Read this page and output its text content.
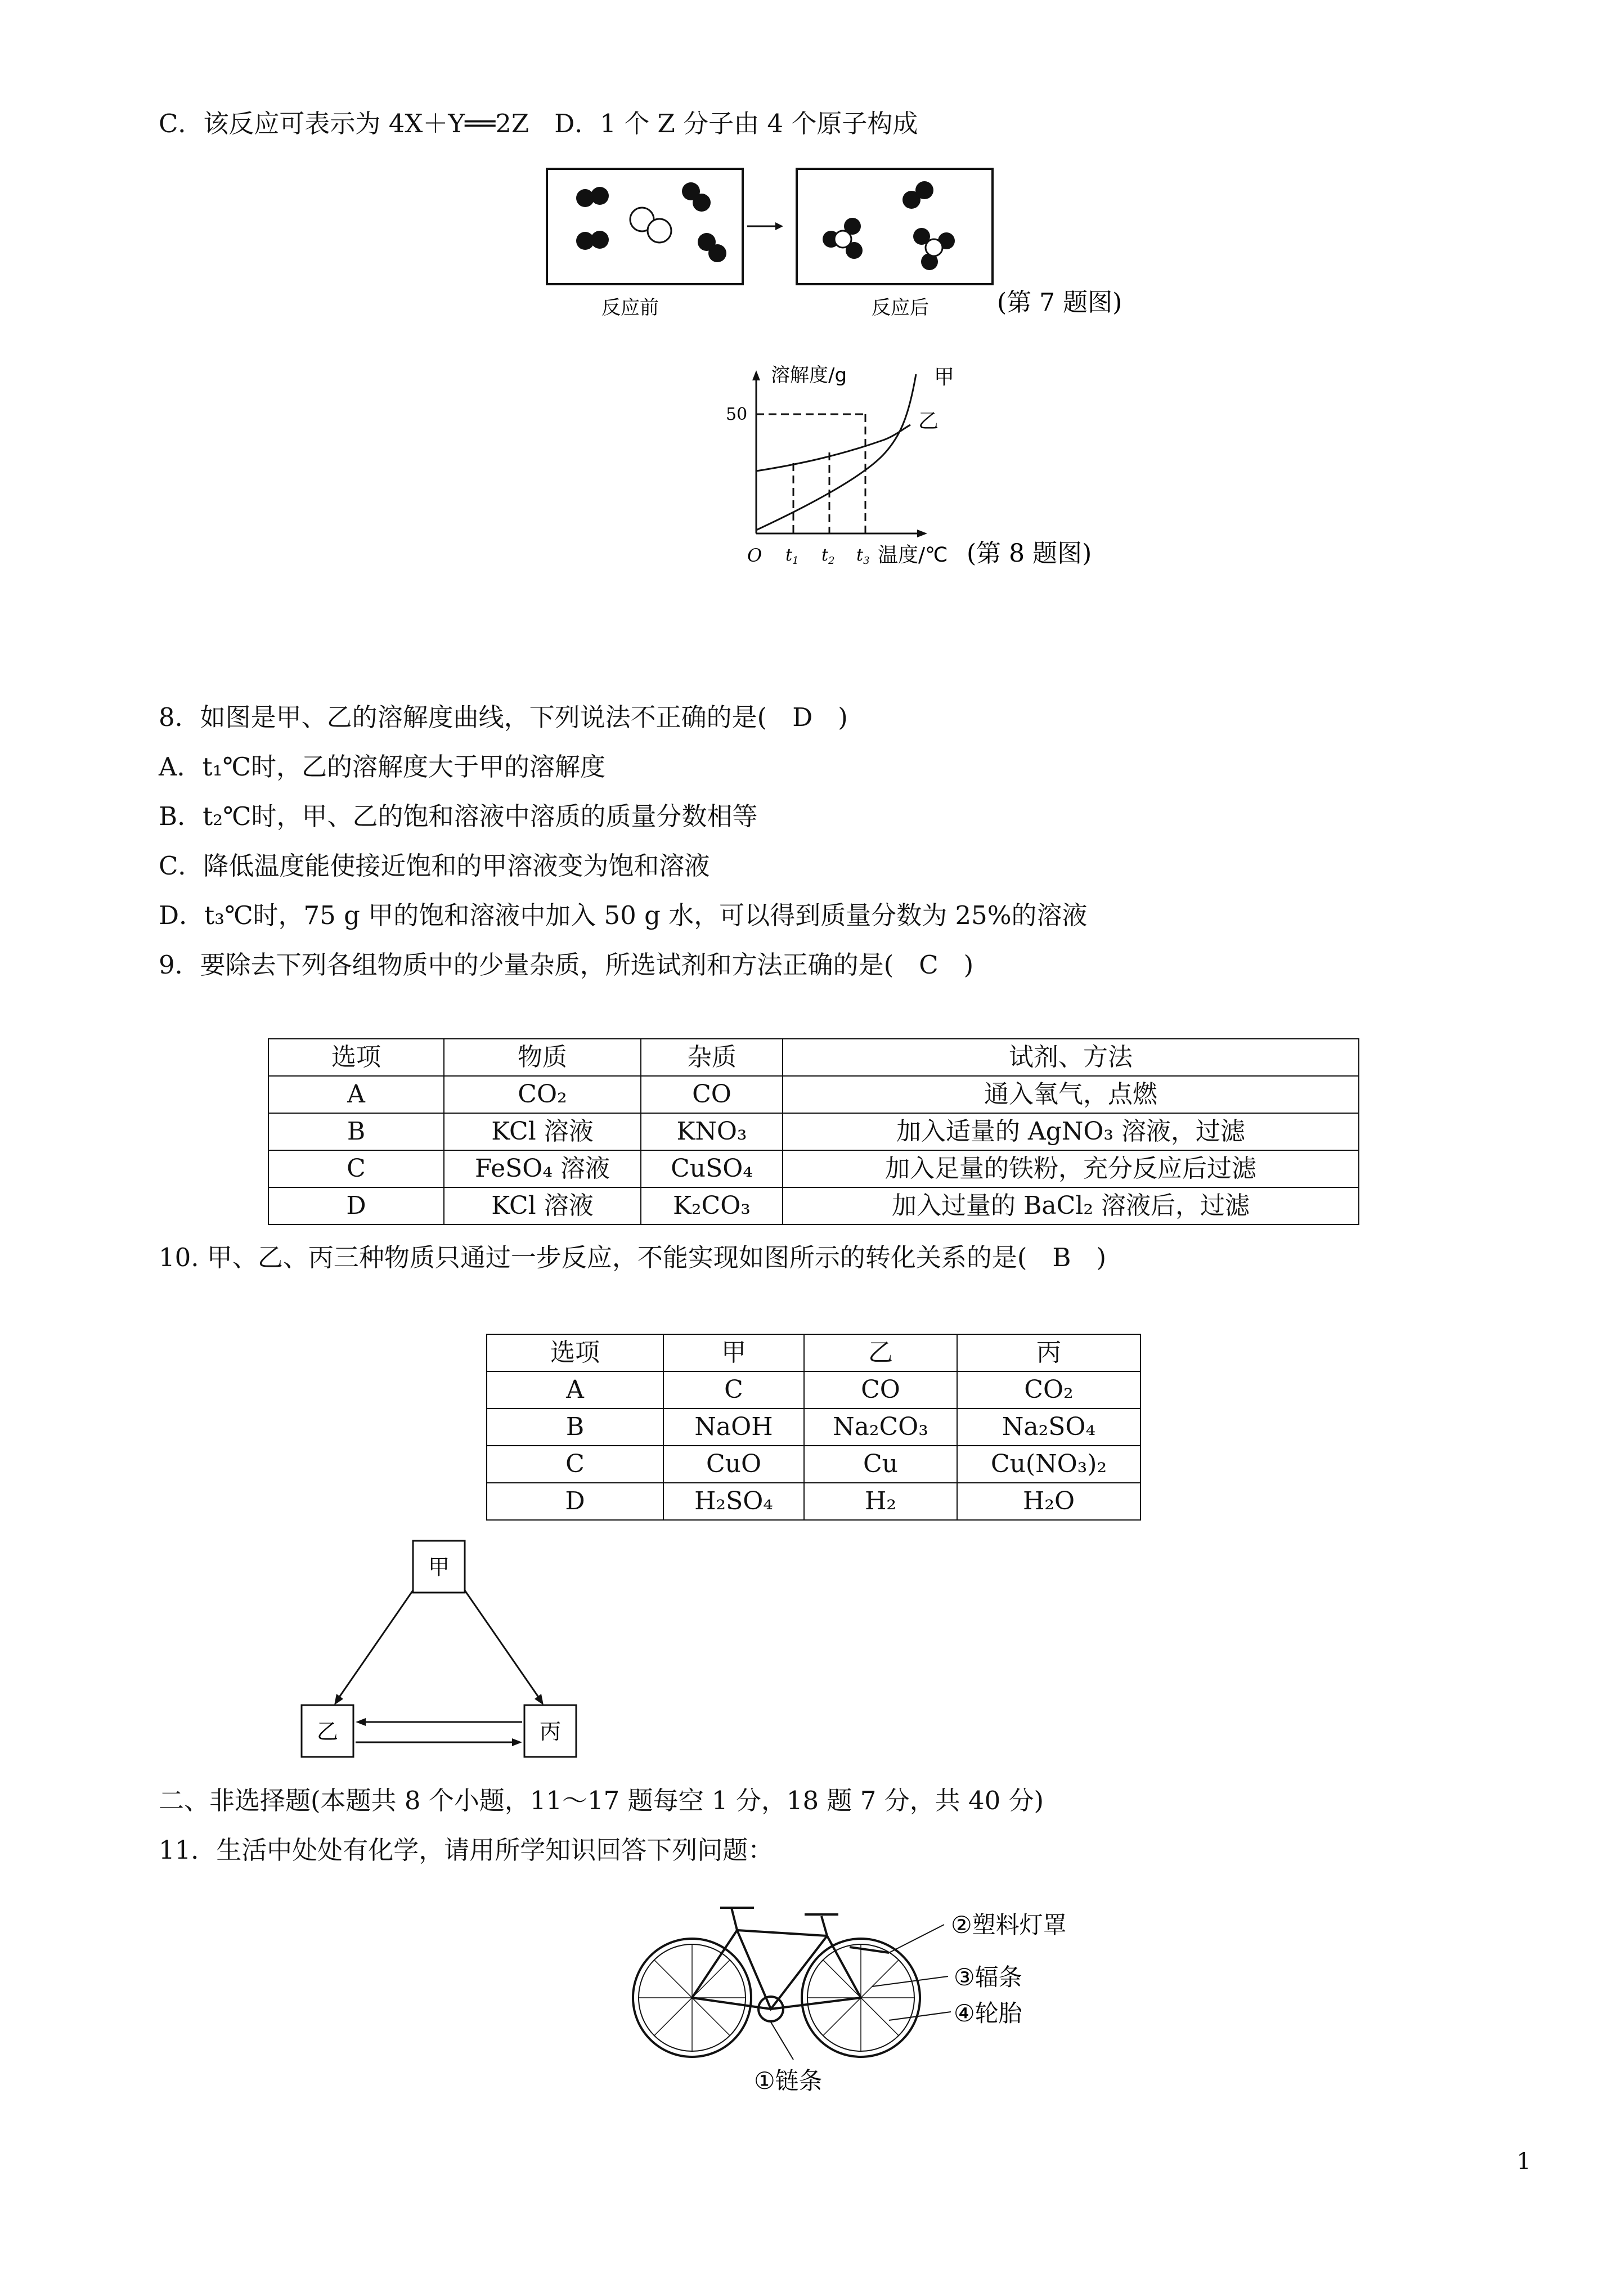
C．该反应可表示为 4X＋Y══2Z　D．1 个 Z 分子由 4 个原子构成
反应前	反应后	(第 7 题图)
溶解度/g	甲
乙
50
O $t_1$ $t_2$ $t_3$ 温度/℃ (第 8 题图)
8．如图是甲、乙的溶解度曲线，下列说法不正确的是(　D　)
A．t₁℃时，乙的溶解度大于甲的溶解度
B．t₂℃时，甲、乙的饱和溶液中溶质的质量分数相等
C．降低温度能使接近饱和的甲溶液变为饱和溶液
D．t₃℃时，75 g 甲的饱和溶液中加入 50 g 水，可以得到质量分数为 25%的溶液
9．要除去下列各组物质中的少量杂质，所选试剂和方法正确的是(　C　)
选项	物质	杂质	试剂、方法
A	CO₂	CO	通入氧气，点燃
B	KCl 溶液	KNO₃	加入适量的 AgNO₃ 溶液，过滤
C	FeSO₄ 溶液	CuSO₄	加入足量的铁粉，充分反应后过滤
D	KCl 溶液	K₂CO₃	加入过量的 BaCl₂ 溶液后，过滤
10. 甲、乙、丙三种物质只通过一步反应，不能实现如图所示的转化关系的是(　B　)
选项	甲	乙	丙
A	C	CO	CO₂
B	NaOH	Na₂CO₃	Na₂SO₄
C	CuO	Cu	Cu(NO₃)₂
D	H₂SO₄	H₂	H₂O
甲
乙	丙
二、非选择题(本题共 8 个小题，11～17 题每空 1 分，18 题 7 分，共 40 分)
11．生活中处处有化学，请用所学知识回答下列问题：
②塑料灯罩
③辐条
④轮胎
①链条
1
